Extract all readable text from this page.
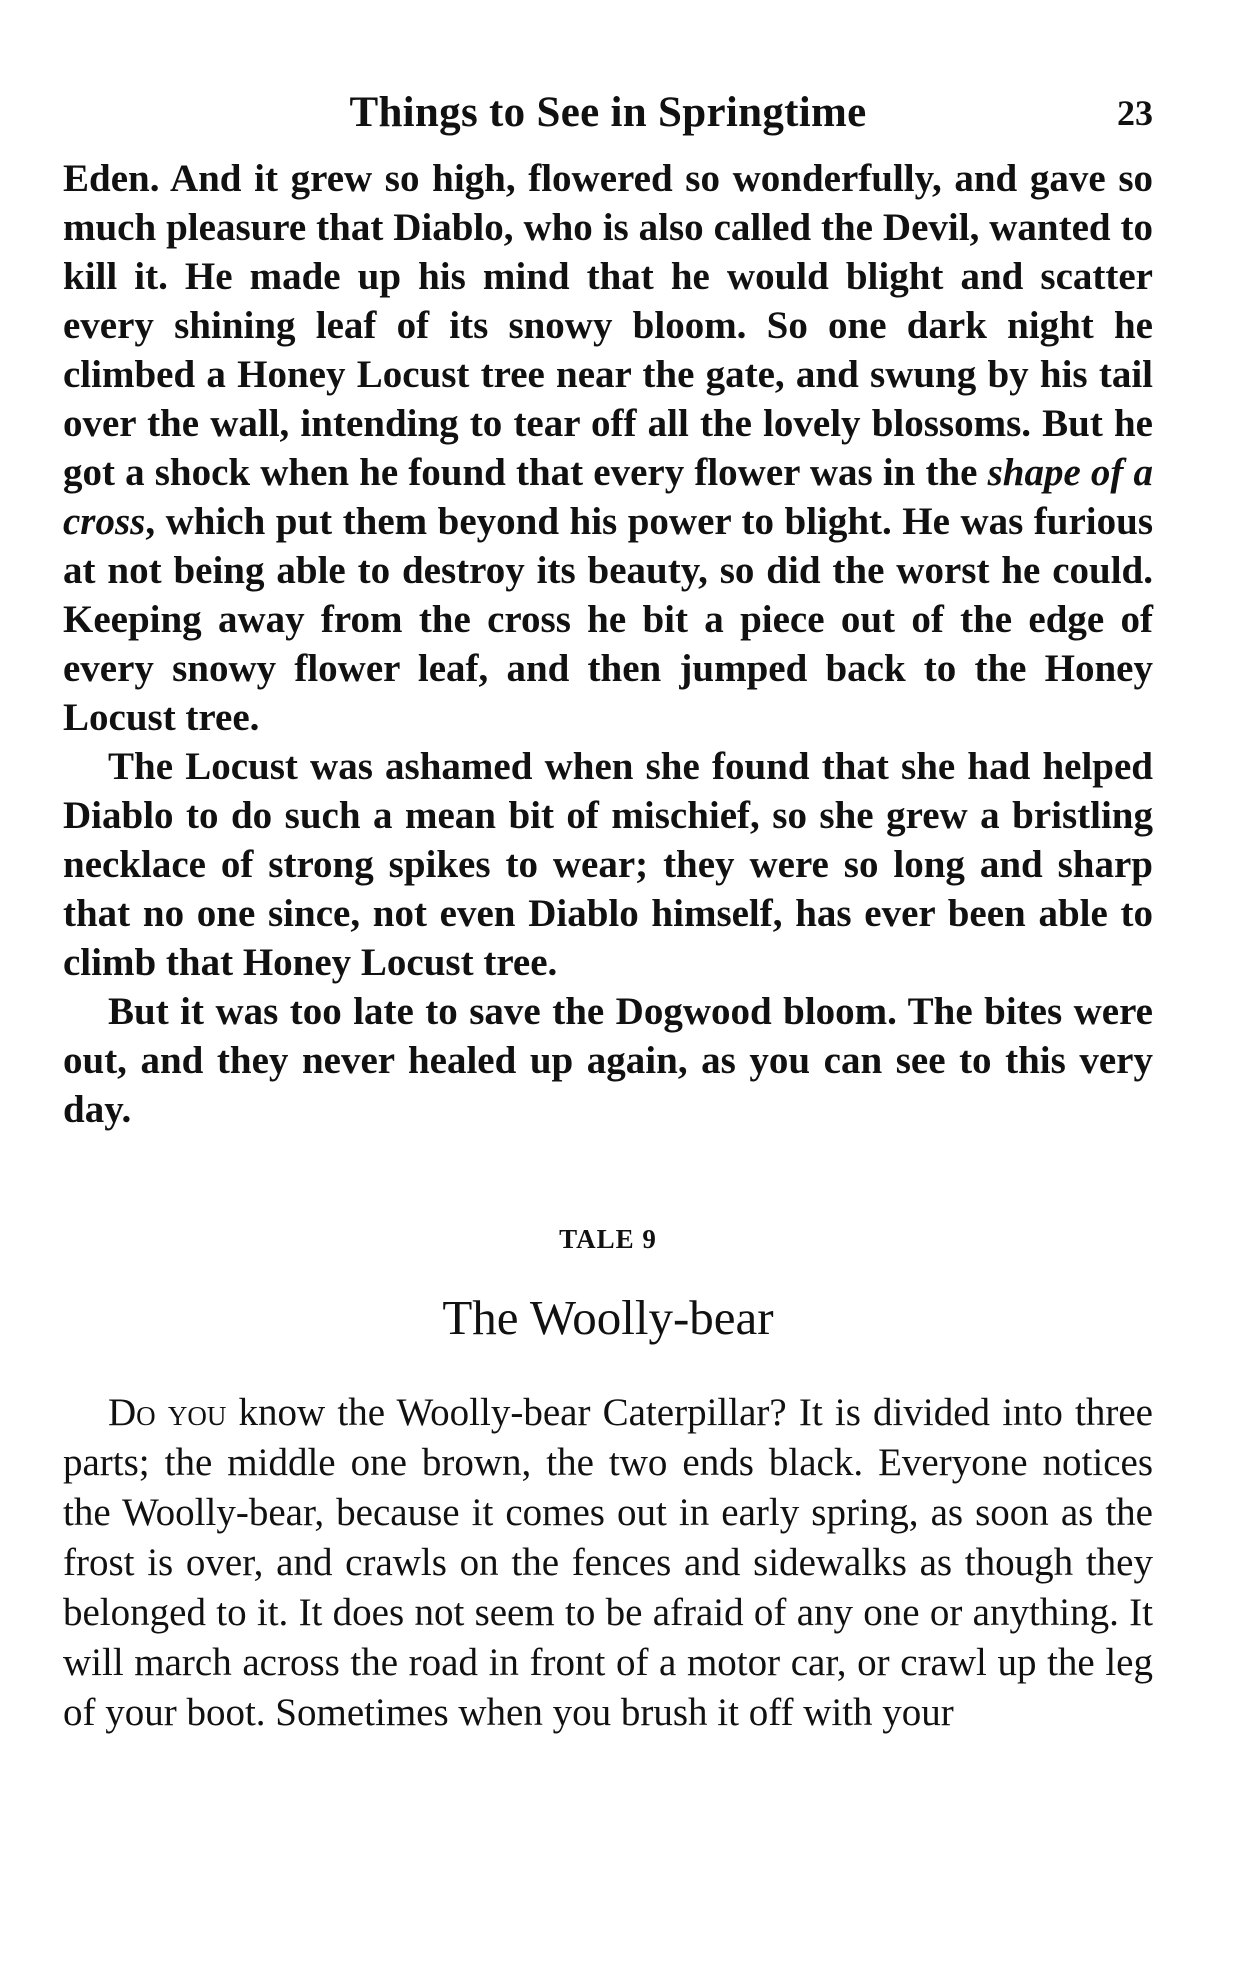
Things to See in Springtime	23

Eden. And it grew so high, flowered so wonderfully, and gave so much pleasure that Diablo, who is also called the Devil, wanted to kill it. He made up his mind that he would blight and scatter every shining leaf of its snowy bloom. So one dark night he climbed a Honey Locust tree near the gate, and swung by his tail over the wall, intending to tear off all the lovely blossoms. But he got a shock when he found that every flower was in the shape of a cross, which put them beyond his power to blight. He was furious at not being able to destroy its beauty, so did the worst he could. Keeping away from the cross he bit a piece out of the edge of every snowy flower leaf, and then jumped back to the Honey Locust tree.

The Locust was ashamed when she found that she had helped Diablo to do such a mean bit of mischief, so she grew a bristling necklace of strong spikes to wear; they were so long and sharp that no one since, not even Diablo himself, has ever been able to climb that Honey Locust tree.

But it was too late to save the Dogwood bloom. The bites were out, and they never healed up again, as you can see to this very day.

TALE 9
The Woolly-bear

Do you know the Woolly-bear Caterpillar? It is divided into three parts; the middle one brown, the two ends black. Everyone notices the Woolly-bear, because it comes out in early spring, as soon as the frost is over, and crawls on the fences and sidewalks as though they belonged to it. It does not seem to be afraid of any one or anything. It will march across the road in front of a motor car, or crawl up the leg of your boot. Sometimes when you brush it off with your
